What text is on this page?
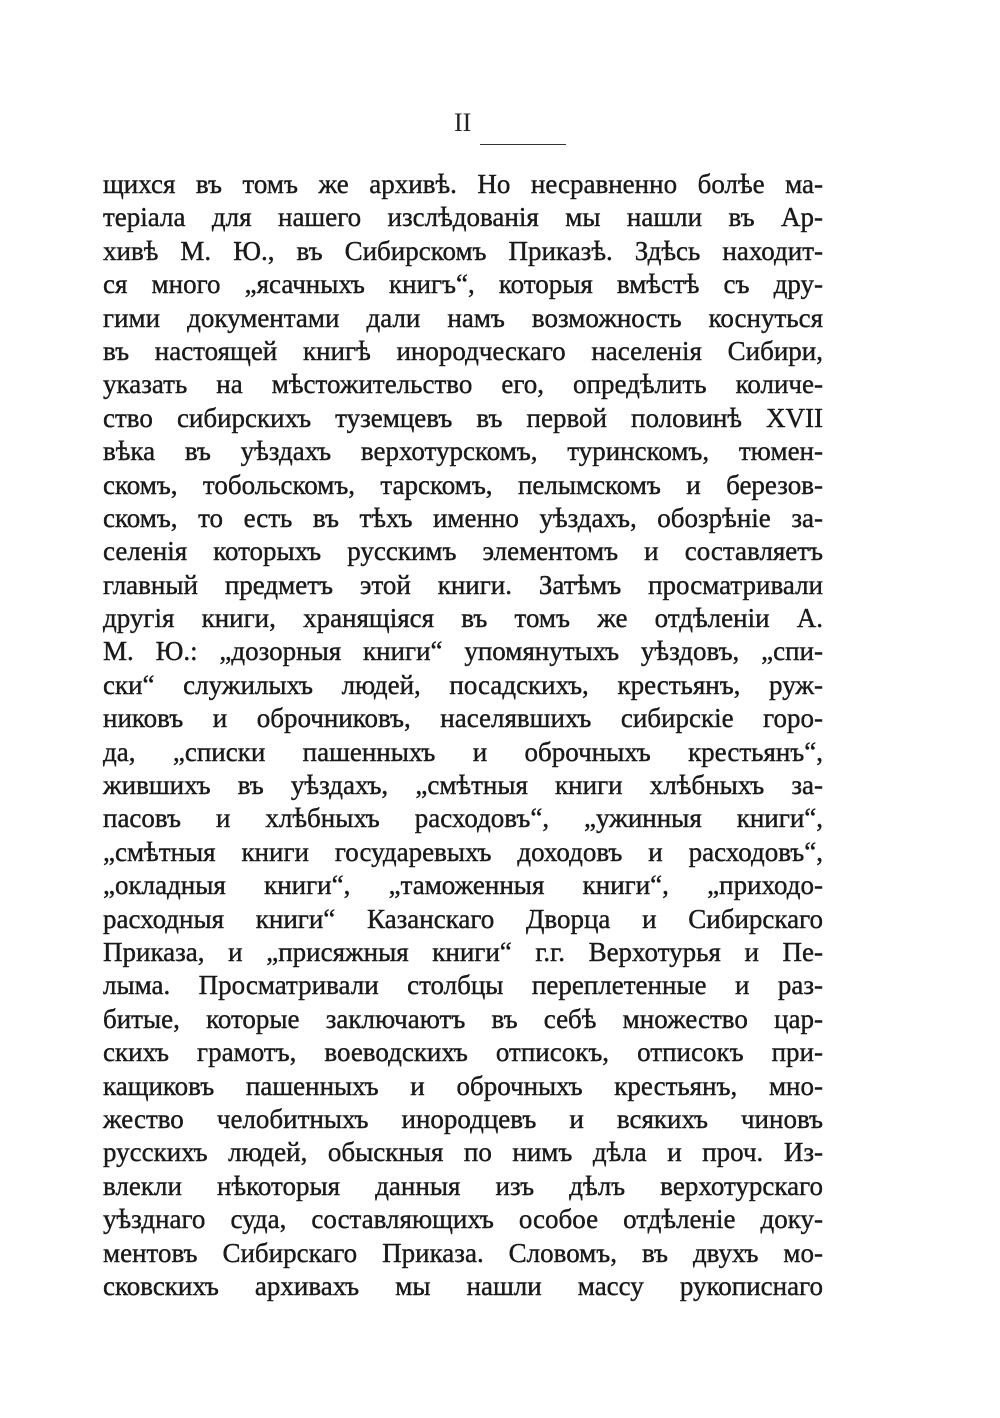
II
щихся въ томъ же архивѣ. Но несравненно болѣе ма-
теріала для нашего изслѣдованія мы нашли въ Ар-
хивѣ М. Ю., въ Сибирскомъ Приказѣ. Здѣсь находит-
ся много „ясачныхъ книгъ“, которыя вмѣстѣ съ дру-
гими документами дали намъ возможность коснуться
въ настоящей книгѣ инородческаго населенія Сибири,
указать на мѣстожительство его, опредѣлить количе-
ство сибирскихъ туземцевъ въ первой половинѣ XVII
вѣка въ уѣздахъ верхотурскомъ, туринскомъ, тюмен-
скомъ, тобольскомъ, тарскомъ, пелымскомъ и березов-
скомъ, то есть въ тѣхъ именно уѣздахъ, обозрѣніе за-
селенія которыхъ русскимъ элементомъ и составляетъ
главный предметъ этой книги. Затѣмъ просматривали
другія книги, хранящіяся въ томъ же отдѣленіи А.
М. Ю.: „дозорныя книги“ упомянутыхъ уѣздовъ, „спи-
ски“ служилыхъ людей, посадскихъ, крестьянъ, руж-
никовъ и оброчниковъ, населявшихъ сибирскіе горо-
да, „списки пашенныхъ и оброчныхъ крестьянъ“,
жившихъ въ уѣздахъ, „смѣтныя книги хлѣбныхъ за-
пасовъ и хлѣбныхъ расходовъ“, „ужинныя книги“,
„смѣтныя книги государевыхъ доходовъ и расходовъ“,
„окладныя книги“, „таможенныя книги“, „приходо-
расходныя книги“ Казанскаго Дворца и Сибирскаго
Приказа, и „присяжныя книги“ г.г. Верхотурья и Пе-
лыма. Просматривали столбцы переплетенные и раз-
битые, которые заключаютъ въ себѣ множество цар-
скихъ грамотъ, воеводскихъ отписокъ, отписокъ при-
кащиковъ пашенныхъ и оброчныхъ крестьянъ, мно-
жество челобитныхъ инородцевъ и всякихъ чиновъ
русскихъ людей, обыскныя по нимъ дѣла и проч. Из-
влекли нѣкоторыя данныя изъ дѣлъ верхотурскаго
уѣзднаго суда, составляющихъ особое отдѣленіе доку-
ментовъ Сибирскаго Приказа. Словомъ, въ двухъ мо-
сковскихъ архивахъ мы нашли массу рукописнаго
